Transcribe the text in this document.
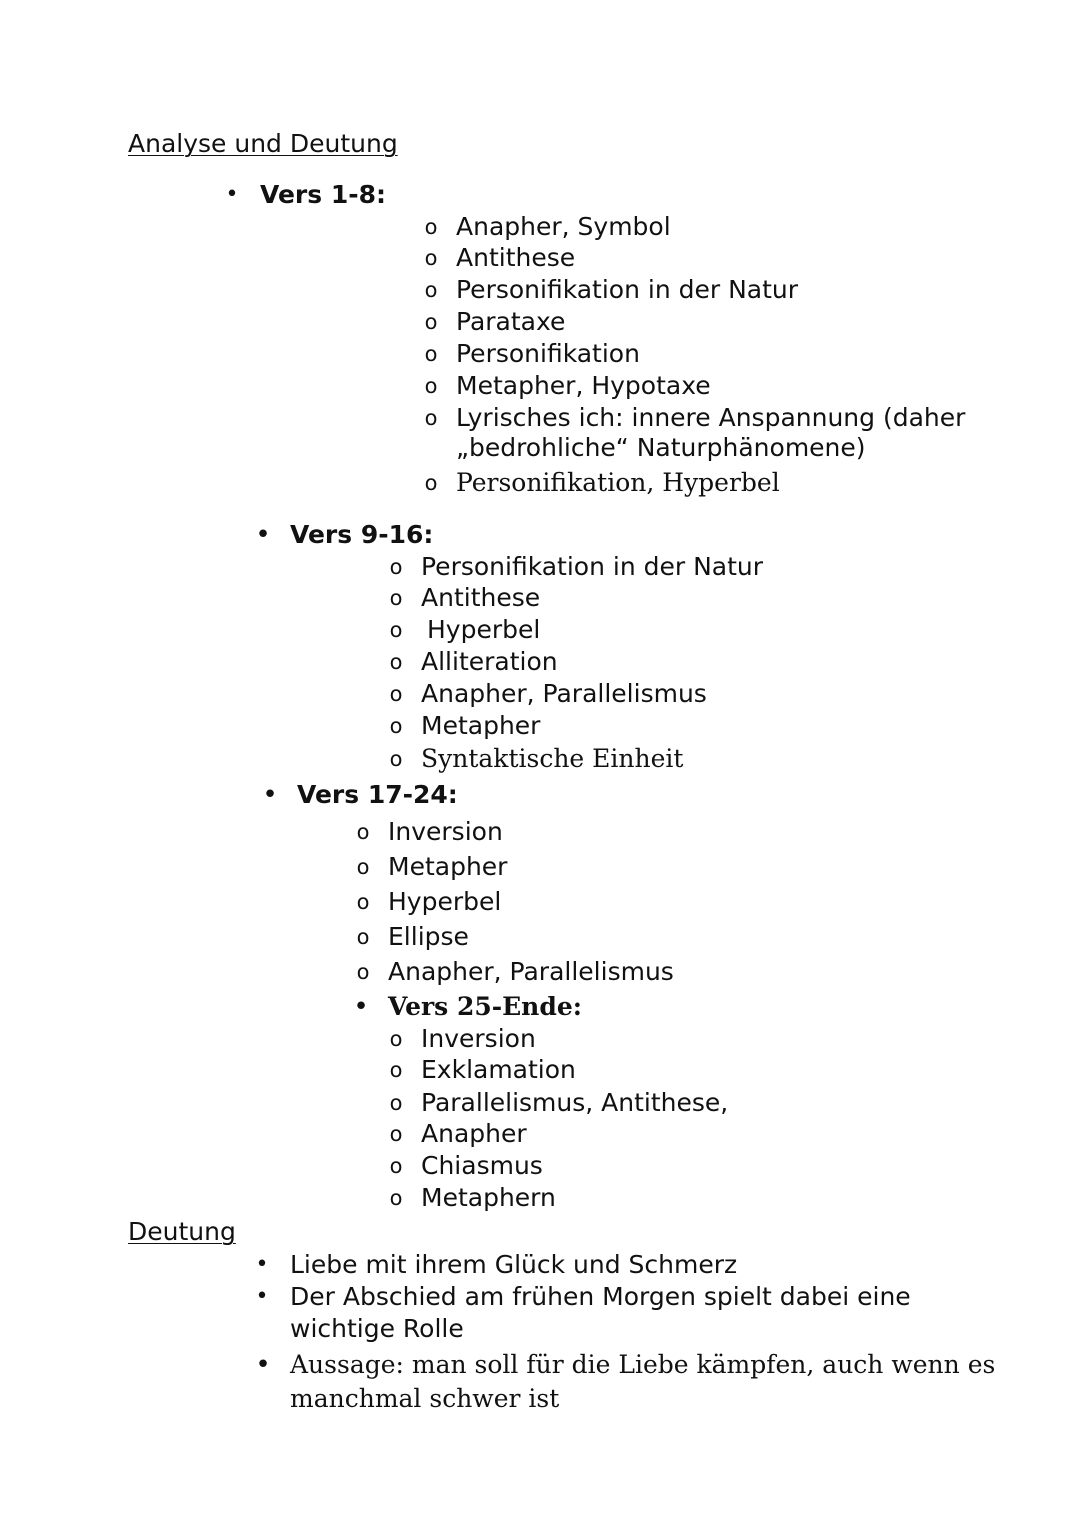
Analyse und Deutung
• Vers 1-8:
o Anapher, Symbol
o Antithese
o Personifikation in der Natur
o Parataxe
o Personifikation
o Metapher, Hypotaxe
o Lyrisches ich: innere Anspannung (daher
„bedrohliche“ Naturphänomene)
o Personifikation, Hyperbel
• Vers 9-16:
o Personifikation in der Natur
o Antithese
o Hyperbel
o Alliteration
o Anapher, Parallelismus
o Metapher
o Syntaktische Einheit
• Vers 17-24:
o Inversion
o Metapher
o Hyperbel
o Ellipse
o Anapher, Parallelismus
• Vers 25-Ende:
o Inversion
o Exklamation
o Parallelismus, Antithese,
o Anapher
o Chiasmus
o Metaphern
Deutung
• Liebe mit ihrem Glück und Schmerz
• Der Abschied am frühen Morgen spielt dabei eine
wichtige Rolle
• Aussage: man soll für die Liebe kämpfen, auch wenn es
manchmal schwer ist
